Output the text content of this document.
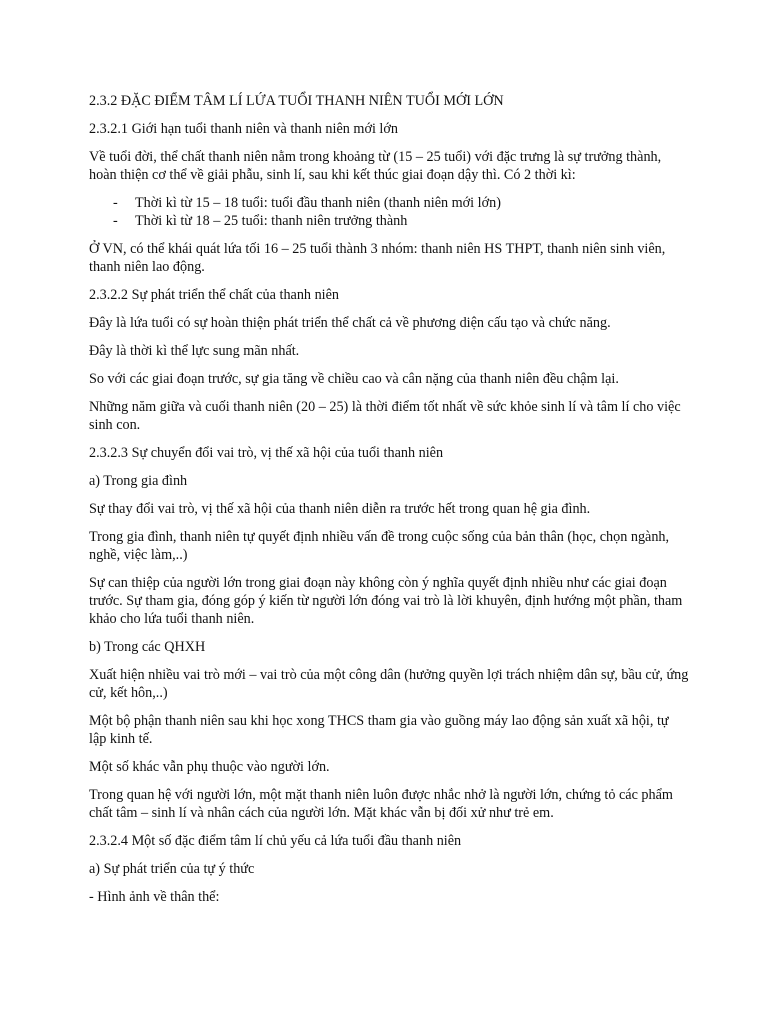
2.3.2 ĐẶC ĐIỂM TÂM LÍ LỨA TUỔI THANH NIÊN TUỔI MỚI LỚN

2.3.2.1 Giới hạn tuổi thanh niên và thanh niên mới lớn

Về tuổi đời, thể chất thanh niên nằm trong khoảng từ (15 – 25 tuổi) với đặc trưng là sự trưởng thành, hoàn thiện cơ thể về giải phẫu, sinh lí, sau khi kết thúc giai đoạn dậy thì. Có 2 thời kì:

- Thời kì từ 15 – 18 tuổi: tuổi đầu thanh niên (thanh niên mới lớn)
- Thời kì từ 18 – 25 tuổi: thanh niên trưởng thành

Ở VN, có thể khái quát lứa tối 16 – 25 tuổi thành 3 nhóm: thanh niên HS THPT, thanh niên sinh viên, thanh niên lao động.

2.3.2.2 Sự phát triển thể chất của thanh niên

Đây là lứa tuổi có sự hoàn thiện phát triển thể chất cả về phương diện cấu tạo và chức năng.

Đây là thời kì thể lực sung mãn nhất.

So với các giai đoạn trước, sự gia tăng về chiều cao và cân nặng của thanh niên đều chậm lại.

Những năm giữa và cuối thanh niên (20 – 25) là thời điểm tốt nhất về sức khỏe sinh lí và tâm lí cho việc sinh con.

2.3.2.3 Sự chuyển đổi vai trò, vị thế xã hội của tuổi thanh niên

a) Trong gia đình

Sự thay đổi vai trò, vị thế xã hội của thanh niên diễn ra trước hết trong quan hệ gia đình.

Trong gia đình, thanh niên tự quyết định nhiều vấn đề trong cuộc sống của bản thân (học, chọn ngành, nghề, việc làm,..)

Sự can thiệp của người lớn trong giai đoạn này không còn ý nghĩa quyết định nhiều như các giai đoạn trước. Sự tham gia, đóng góp ý kiến từ người lớn đóng vai trò là lời khuyên, định hướng một phần, tham khảo cho lứa tuổi thanh niên.

b) Trong các QHXH

Xuất hiện nhiều vai trò mới – vai trò của một công dân (hưởng quyền lợi trách nhiệm dân sự, bầu cử, ứng cử, kết hôn,..)

Một bộ phận thanh niên sau khi học xong THCS tham gia vào guồng máy lao động sản xuất xã hội, tự lập kinh tế.

Một số khác vẫn phụ thuộc vào người lớn.

Trong quan hệ với người lớn, một mặt thanh niên luôn được nhắc nhở là người lớn, chứng tỏ các phẩm chất tâm – sinh lí và nhân cách của người lớn. Mặt khác vẫn bị đối xử như trẻ em.

2.3.2.4 Một số đặc điểm tâm lí chủ yếu cả lứa tuổi đầu thanh niên

a) Sự phát triển của tự ý thức

- Hình ảnh về thân thể:
